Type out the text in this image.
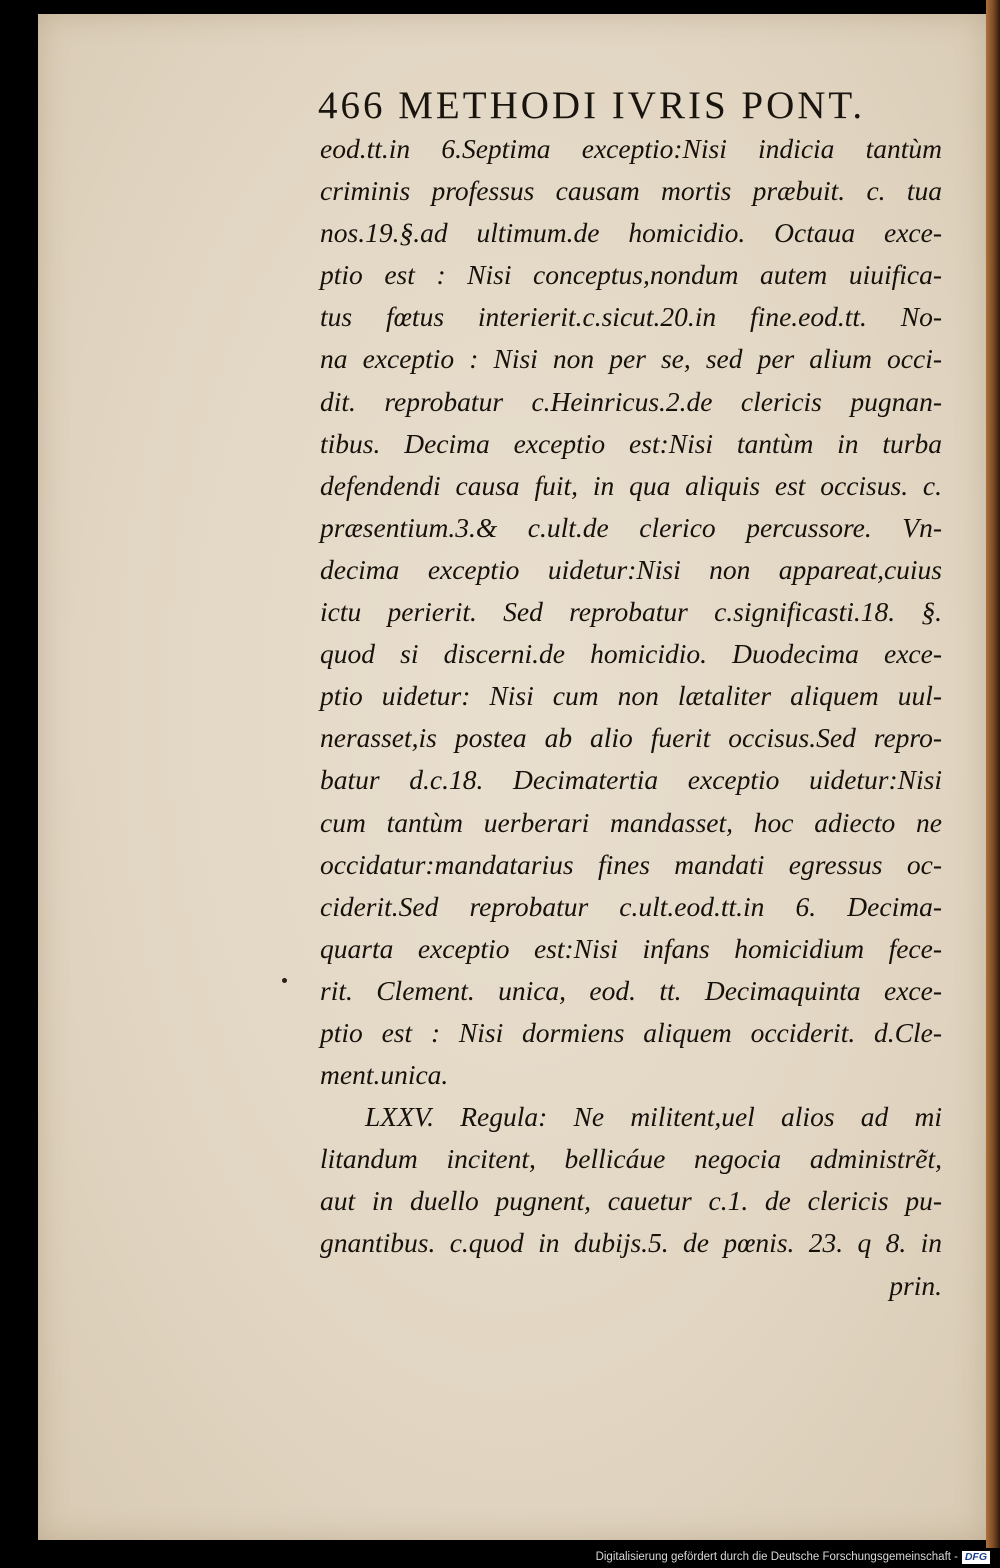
466 METHODI IVRIS PONT.
eod.tt.in 6.Septima exceptio:Nisi indicia tantùm
criminis professus causam mortis præbuit. c. tua
nos.19.§.ad ultimum.de homicidio. Octaua exce-
ptio est : Nisi conceptus,nondum autem uiuifica-
tus fœtus interierit.c.sicut.20.in fine.eod.tt. No-
na exceptio : Nisi non per se, sed per alium occi-
dit. reprobatur c.Heinricus.2.de clericis pugnan-
tibus. Decima exceptio est:Nisi tantùm in turba
defendendi causa fuit, in qua aliquis est occisus. c.
præsentium.3.& c.ult.de clerico percussore. Vn-
decima exceptio uidetur:Nisi non appareat,cuius
ictu perierit. Sed reprobatur c.significasti.18. §.
quod si discerni.de homicidio. Duodecima exce-
ptio uidetur: Nisi cum non lætaliter aliquem uul-
nerasset,is postea ab alio fuerit occisus.Sed repro-
batur d.c.18. Decimatertia exceptio uidetur:Nisi
cum tantùm uerberari mandasset, hoc adiecto ne
occidatur:mandatarius fines mandati egressus oc-
ciderit.Sed reprobatur c.ult.eod.tt.in 6. Decima-
quarta exceptio est:Nisi infans homicidium fece-
rit. Clement. unica, eod. tt. Decimaquinta exce-
ptio est : Nisi dormiens aliquem occiderit. d.Cle-
ment.unica.
LXXV. Regula: Ne militent,uel alios ad mi
litandum incitent, bellicáue negocia administrẽt,
aut in duello pugnent, cauetur c.1. de clericis pu-
gnantibus. c.quod in dubijs.5. de pœnis. 23. q 8. in
prin.
Digitalisierung gefördert durch die Deutsche Forschungsgemeinschaft - DFG
